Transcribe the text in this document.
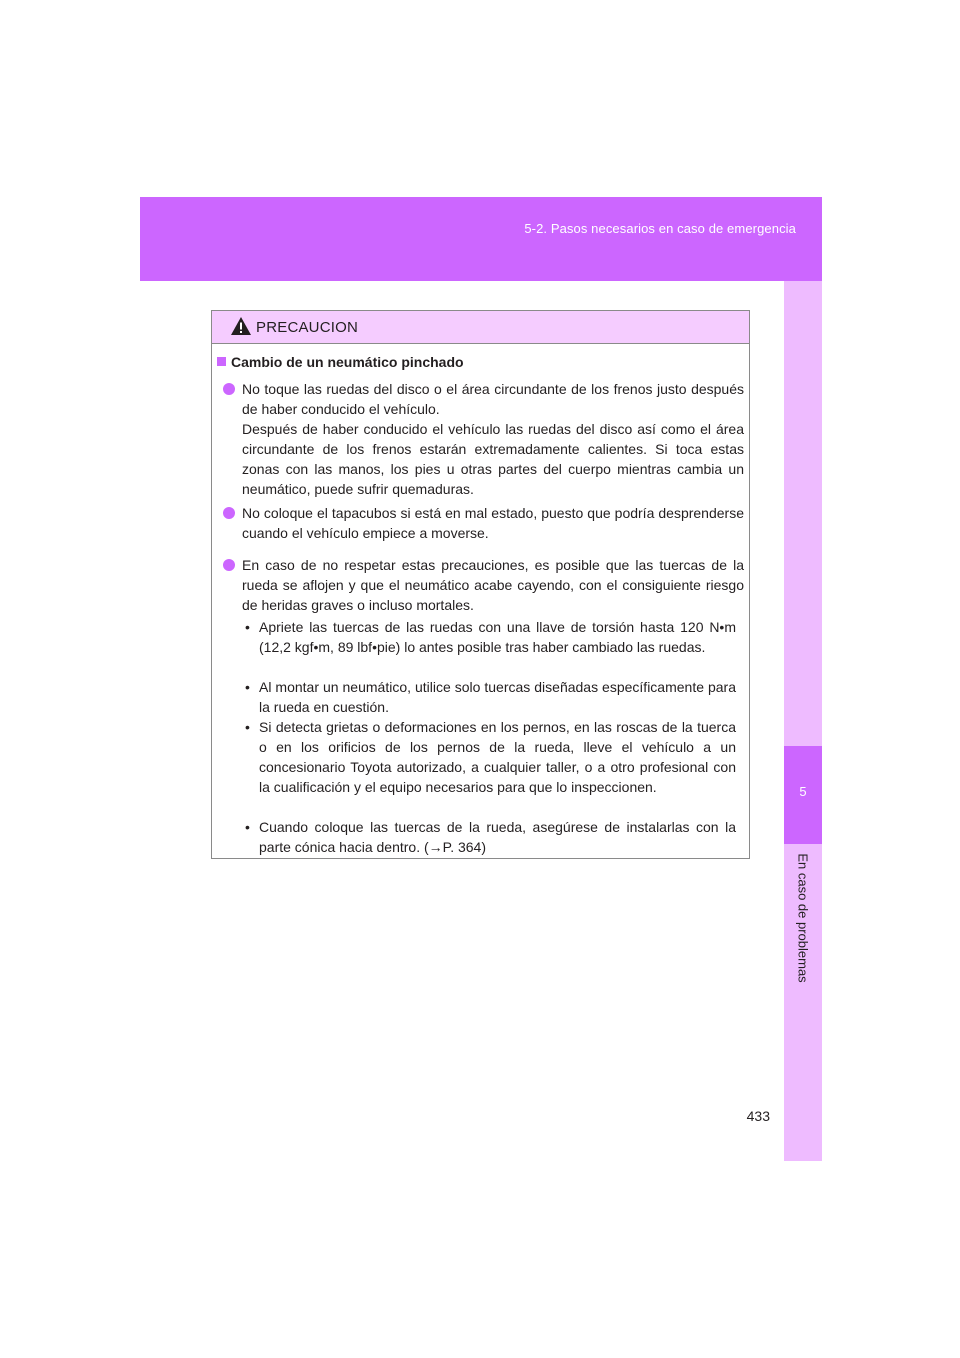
5-2. Pasos necesarios en caso de emergencia
5
En caso de problemas
PRECAUCION
Cambio de un neumático pinchado

No toque las ruedas del disco o el área circundante de los frenos justo después de haber conducido el vehículo.

Después de haber conducido el vehículo las ruedas del disco así como el área circundante de los frenos estarán extremadamente calientes. Si toca estas zonas con las manos, los pies u otras partes del cuerpo mientras cambia un neumático, puede sufrir quemaduras.

No coloque el tapacubos si está en mal estado, puesto que podría desprenderse cuando el vehículo empiece a moverse.

En caso de no respetar estas precauciones, es posible que las tuercas de la rueda se aflojen y que el neumático acabe cayendo, con el consiguiente riesgo de heridas graves o incluso mortales.

• Apriete las tuercas de las ruedas con una llave de torsión hasta 120 N•m (12,2 kgf•m, 89 lbf•pie) lo antes posible tras haber cambiado las ruedas.
• Al montar un neumático, utilice solo tuercas diseñadas específicamente para la rueda en cuestión.
• Si detecta grietas o deformaciones en los pernos, en las roscas de la tuerca o en los orificios de los pernos de la rueda, lleve el vehículo a un concesionario Toyota autorizado, a cualquier taller, o a otro profesional con la cualificación y el equipo necesarios para que lo inspeccionen.
• Cuando coloque las tuercas de la rueda, asegúrese de instalarlas con la parte cónica hacia dentro. (→P. 364)
433
